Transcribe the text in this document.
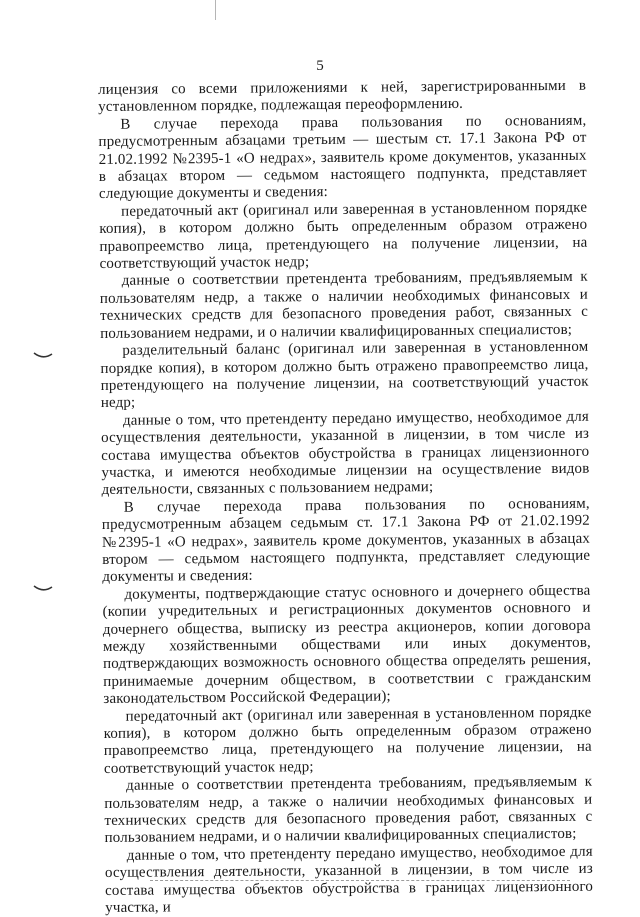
5

лицензия со всеми приложениями к ней, зарегистрированными в установленном порядке, подлежащая переоформлению.

В случае перехода права пользования по основаниям, предусмотренным абзацами третьим — шестым ст. 17.1 Закона РФ от 21.02.1992 №2395-1 «О недрах», заявитель кроме документов, указанных в абзацах втором — седьмом настоящего подпункта, представляет следующие документы и сведения:

передаточный акт (оригинал или заверенная в установленном порядке копия), в котором должно быть определенным образом отражено правопреемство лица, претендующего на получение лицензии, на соответствующий участок недр;

данные о соответствии претендента требованиям, предъявляемым к пользователям недр, а также о наличии необходимых финансовых и технических средств для безопасного проведения работ, связанных с пользованием недрами, и о наличии квалифицированных специалистов;

разделительный баланс (оригинал или заверенная в установленном порядке копия), в котором должно быть отражено правопреемство лица, претендующего на получение лицензии, на соответствующий участок недр;

данные о том, что претенденту передано имущество, необходимое для осуществления деятельности, указанной в лицензии, в том числе из состава имущества объектов обустройства в границах лицензионного участка, и имеются необходимые лицензии на осуществление видов деятельности, связанных с пользованием недрами;

В случае перехода права пользования по основаниям, предусмотренным абзацем седьмым ст. 17.1 Закона РФ от 21.02.1992 №2395-1 «О недрах», заявитель кроме документов, указанных в абзацах втором — седьмом настоящего подпункта, представляет следующие документы и сведения:

документы, подтверждающие статус основного и дочернего общества (копии учредительных и регистрационных документов основного и дочернего общества, выписку из реестра акционеров, копии договора между хозяйственными обществами или иных документов, подтверждающих возможность основного общества определять решения, принимаемые дочерним обществом, в соответствии с гражданским законодательством Российской Федерации);

передаточный акт (оригинал или заверенная в установленном порядке копия), в котором должно быть определенным образом отражено правопреемство лица, претендующего на получение лицензии, на соответствующий участок недр;

данные о соответствии претендента требованиям, предъявляемым к пользователям недр, а также о наличии необходимых финансовых и технических средств для безопасного проведения работ, связанных с пользованием недрами, и о наличии квалифицированных специалистов;

данные о том, что претенденту передано имущество, необходимое для осуществления деятельности, указанной в лицензии, в том числе из состава имущества объектов обустройства в границах лицензионного участка, и
